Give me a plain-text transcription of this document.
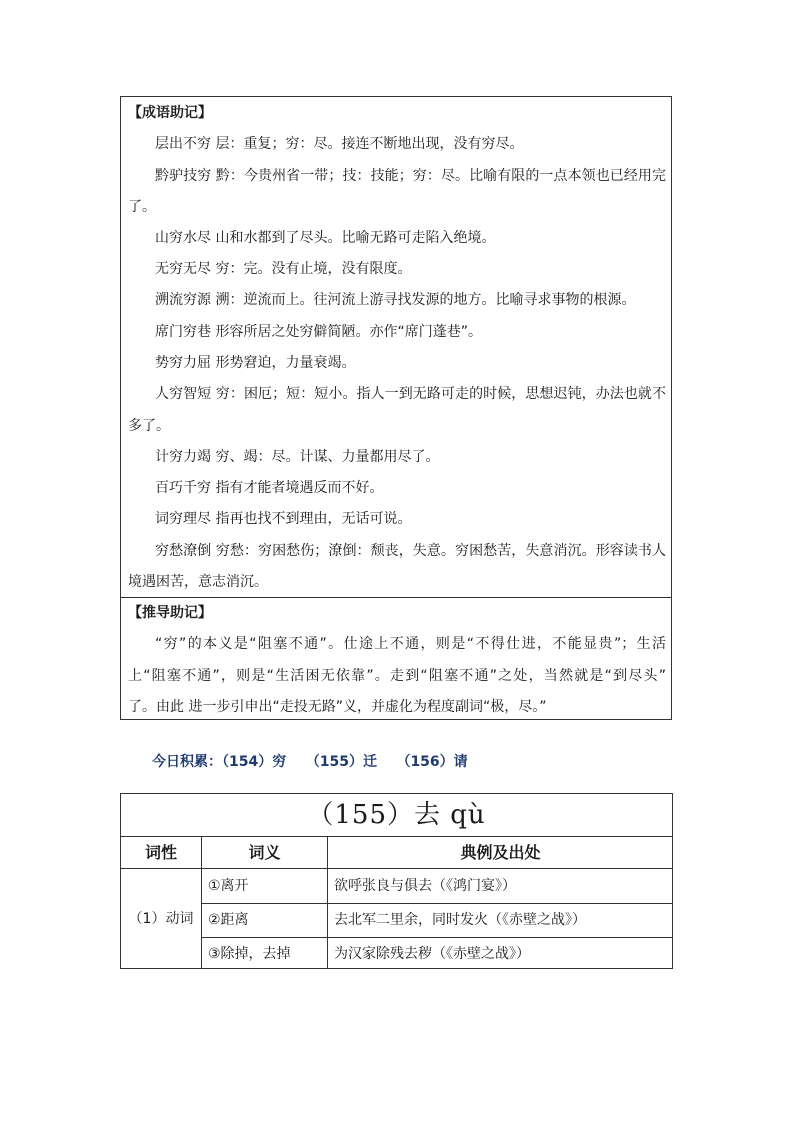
【成语助记】
层出不穷 层：重复；穷：尽。接连不断地出现，没有穷尽。
黔驴技穷 黔：今贵州省一带；技：技能；穷：尽。比喻有限的一点本领也已经用完
了。
山穷水尽 山和水都到了尽头。比喻无路可走陷入绝境。
无穷无尽 穷：完。没有止境，没有限度。
溯流穷源 溯：逆流而上。往河流上游寻找发源的地方。比喻寻求事物的根源。
席门穷巷 形容所居之处穷僻简陋。亦作“席门蓬巷”。
势穷力屈 形势窘迫，力量衰竭。
人穷智短 穷：困厄；短：短小。指人一到无路可走的时候，思想迟钝，办法也就不
多了。
计穷力竭 穷、竭：尽。计谋、力量都用尽了。
百巧千穷 指有才能者境遇反而不好。
词穷理尽 指再也找不到理由，无话可说。
穷愁潦倒 穷愁：穷困愁伤；潦倒：颓丧，失意。穷困愁苦，失意消沉。形容读书人
境遇困苦，意志消沉。
【推导助记】
“穷”的本义是“阻塞不通”。仕途上不通，则是“不得仕进，不能显贵”；生活
上“阻塞不通”，则是“生活困无依靠”。走到“阻塞不通”之处，当然就是“到尽头”
了。由此 进一步引申出“走投无路”义，并虚化为程度副词“极，尽。”
今日积累：（154）穷    （155）迁    （156）请
（155）去 qù
词性	词义	典例及出处
（1）动词
①离开	欲呼张良与俱去（《鸿门宴》）
②距离	去北军二里余，同时发火（《赤壁之战》）
③除掉，去掉	为汉家除残去秽（《赤壁之战》）
